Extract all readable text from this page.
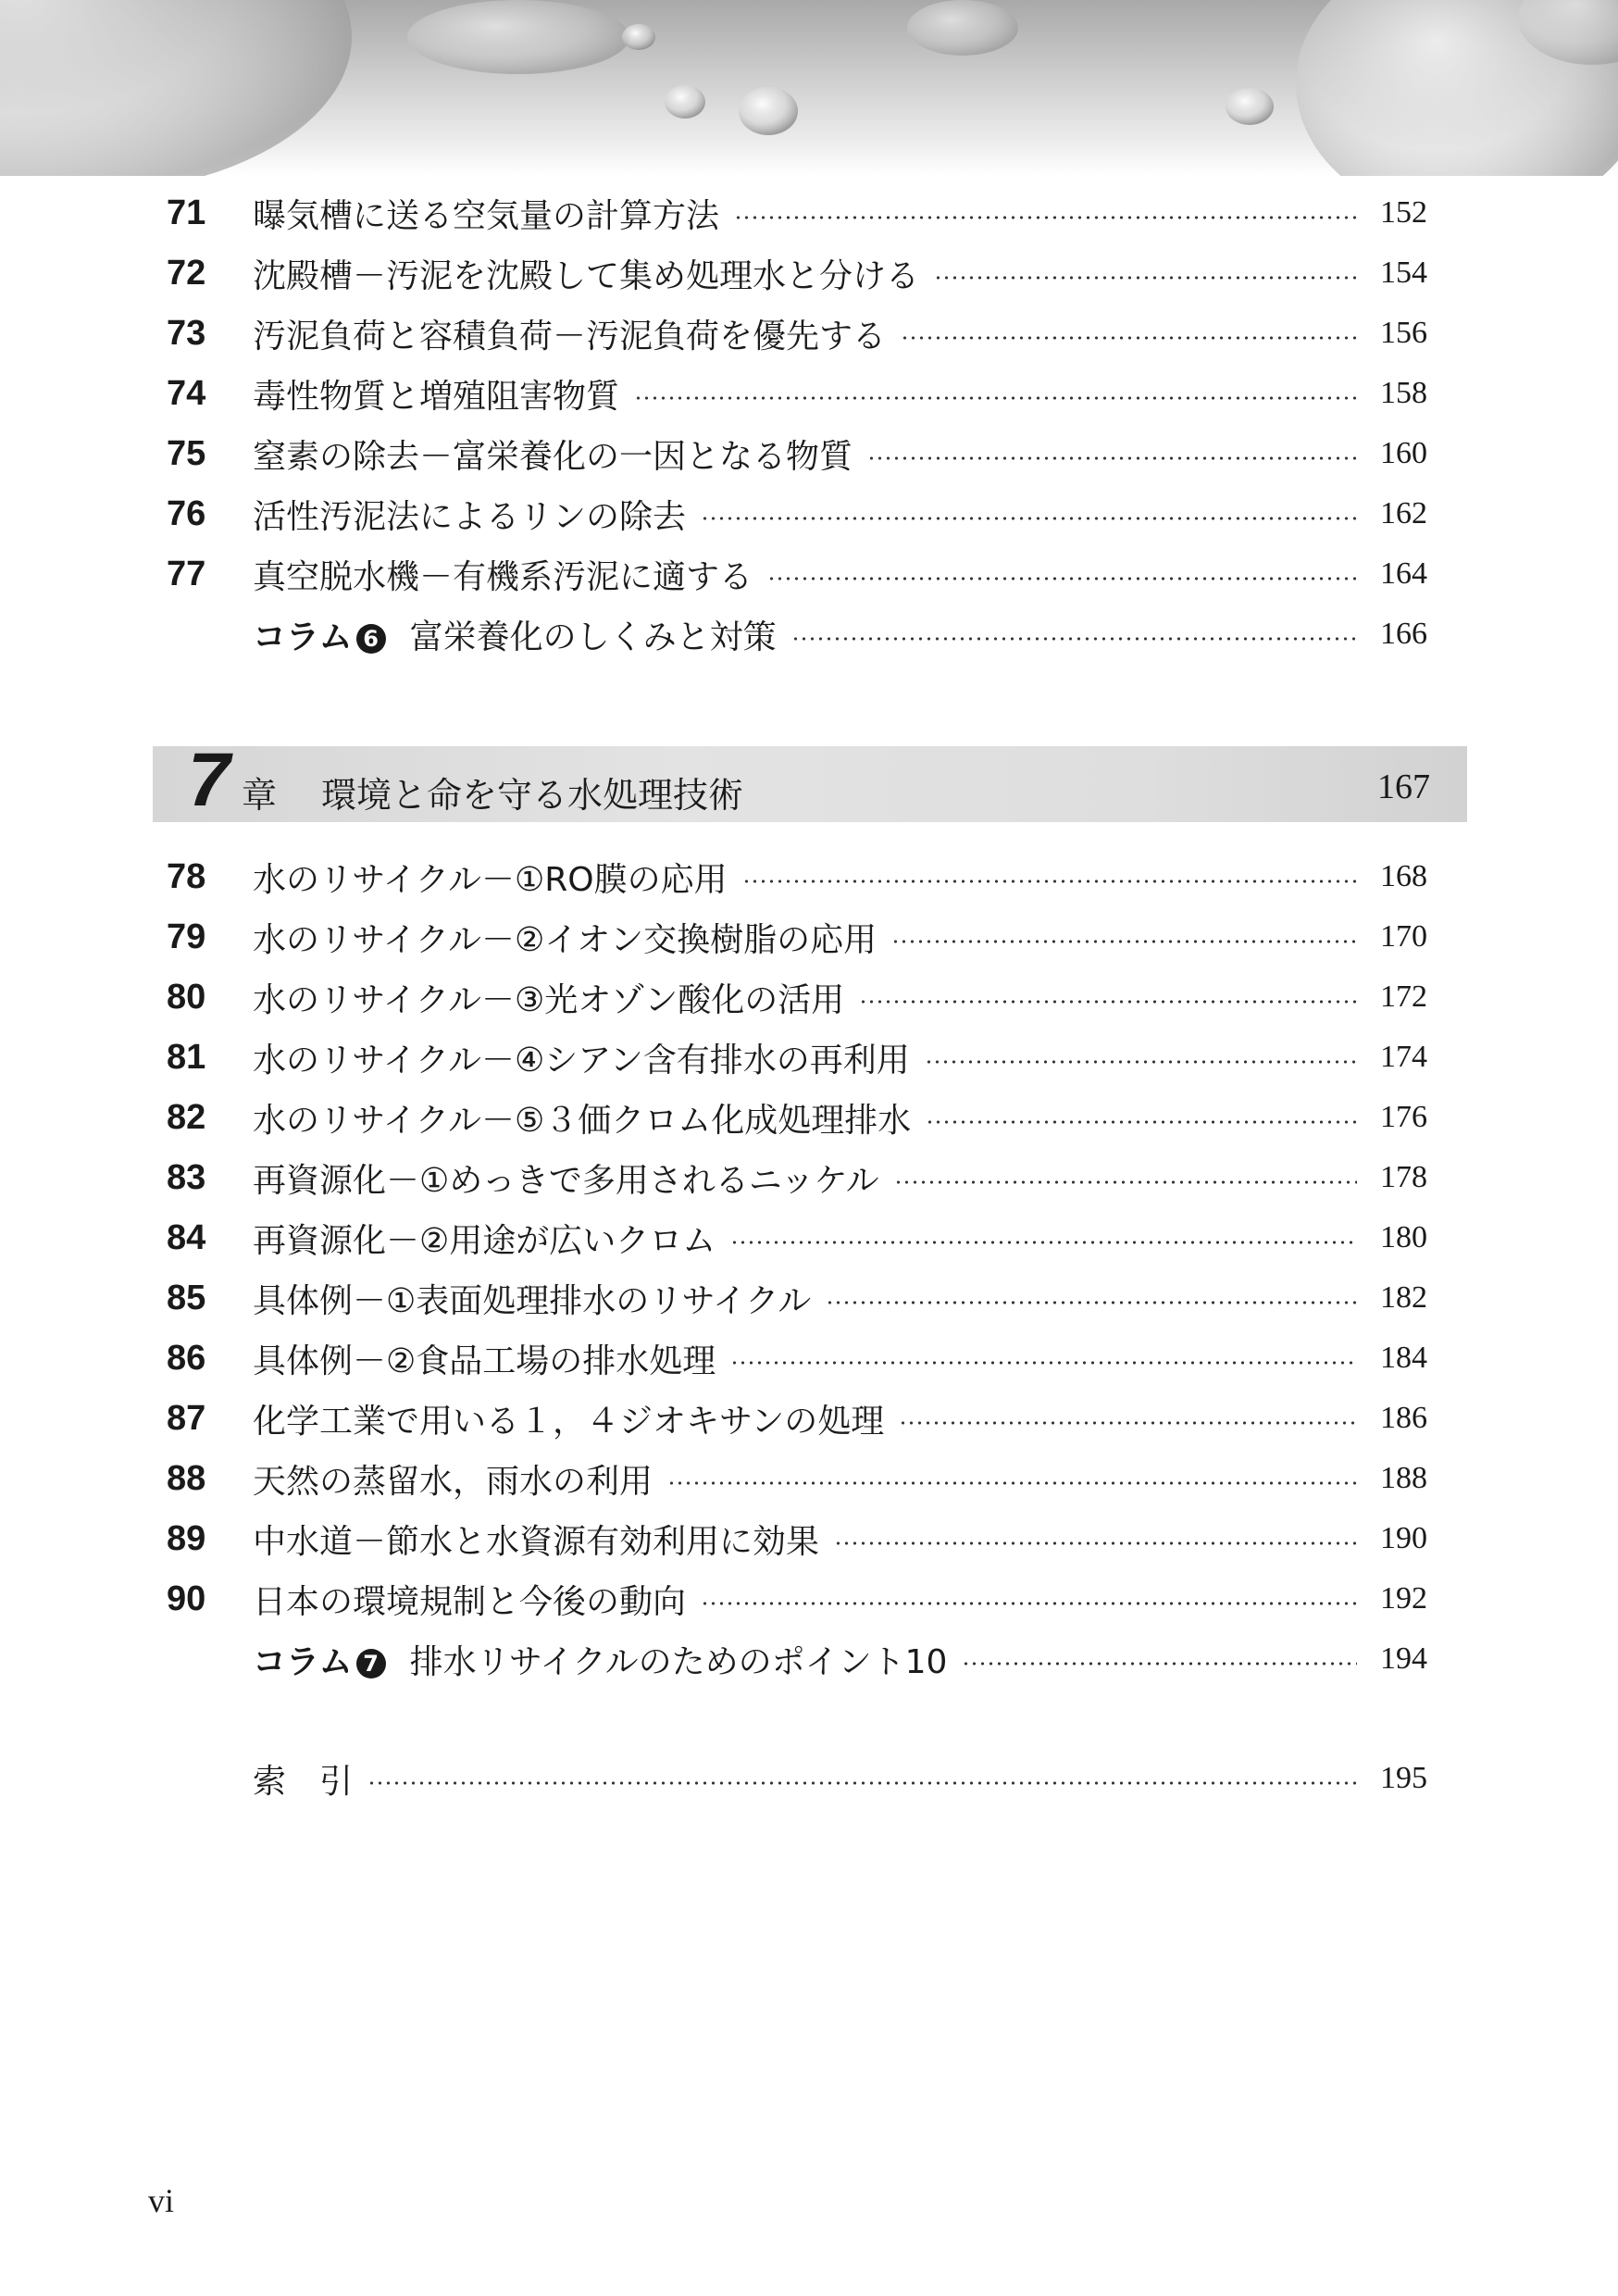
71	曝気槽に送る空気量の計算方法	152
72	沈殿槽－汚泥を沈殿して集め処理水と分ける	154
73	汚泥負荷と容積負荷－汚泥負荷を優先する	156
74	毒性物質と増殖阻害物質	158
75	窒素の除去－富栄養化の一因となる物質	160
76	活性汚泥法によるリンの除去	162
77	真空脱水機－有機系汚泥に適する	164
コラム 6 富栄養化のしくみと対策	166
78	水のリサイクル－①RO膜の応用	168
79	水のリサイクル－②イオン交換樹脂の応用	170
80	水のリサイクル－③光オゾン酸化の活用	172
81	水のリサイクル－④シアン含有排水の再利用	174
82	水のリサイクル－⑤３価クロム化成処理排水	176
83	再資源化－①めっきで多用されるニッケル	178
84	再資源化－②用途が広いクロム	180
85	具体例－①表面処理排水のリサイクル	182
86	具体例－②食品工場の排水処理	184
87	化学工業で用いる１，４ジオキサンの処理	186
88	天然の蒸留水，雨水の利用	188
89	中水道－節水と水資源有効利用に効果	190
90	日本の環境規制と今後の動向	192
コラム 7 排水リサイクルのためのポイント10	194
索　引	195
7 章 環境と命を守る水処理技術	167
vi
